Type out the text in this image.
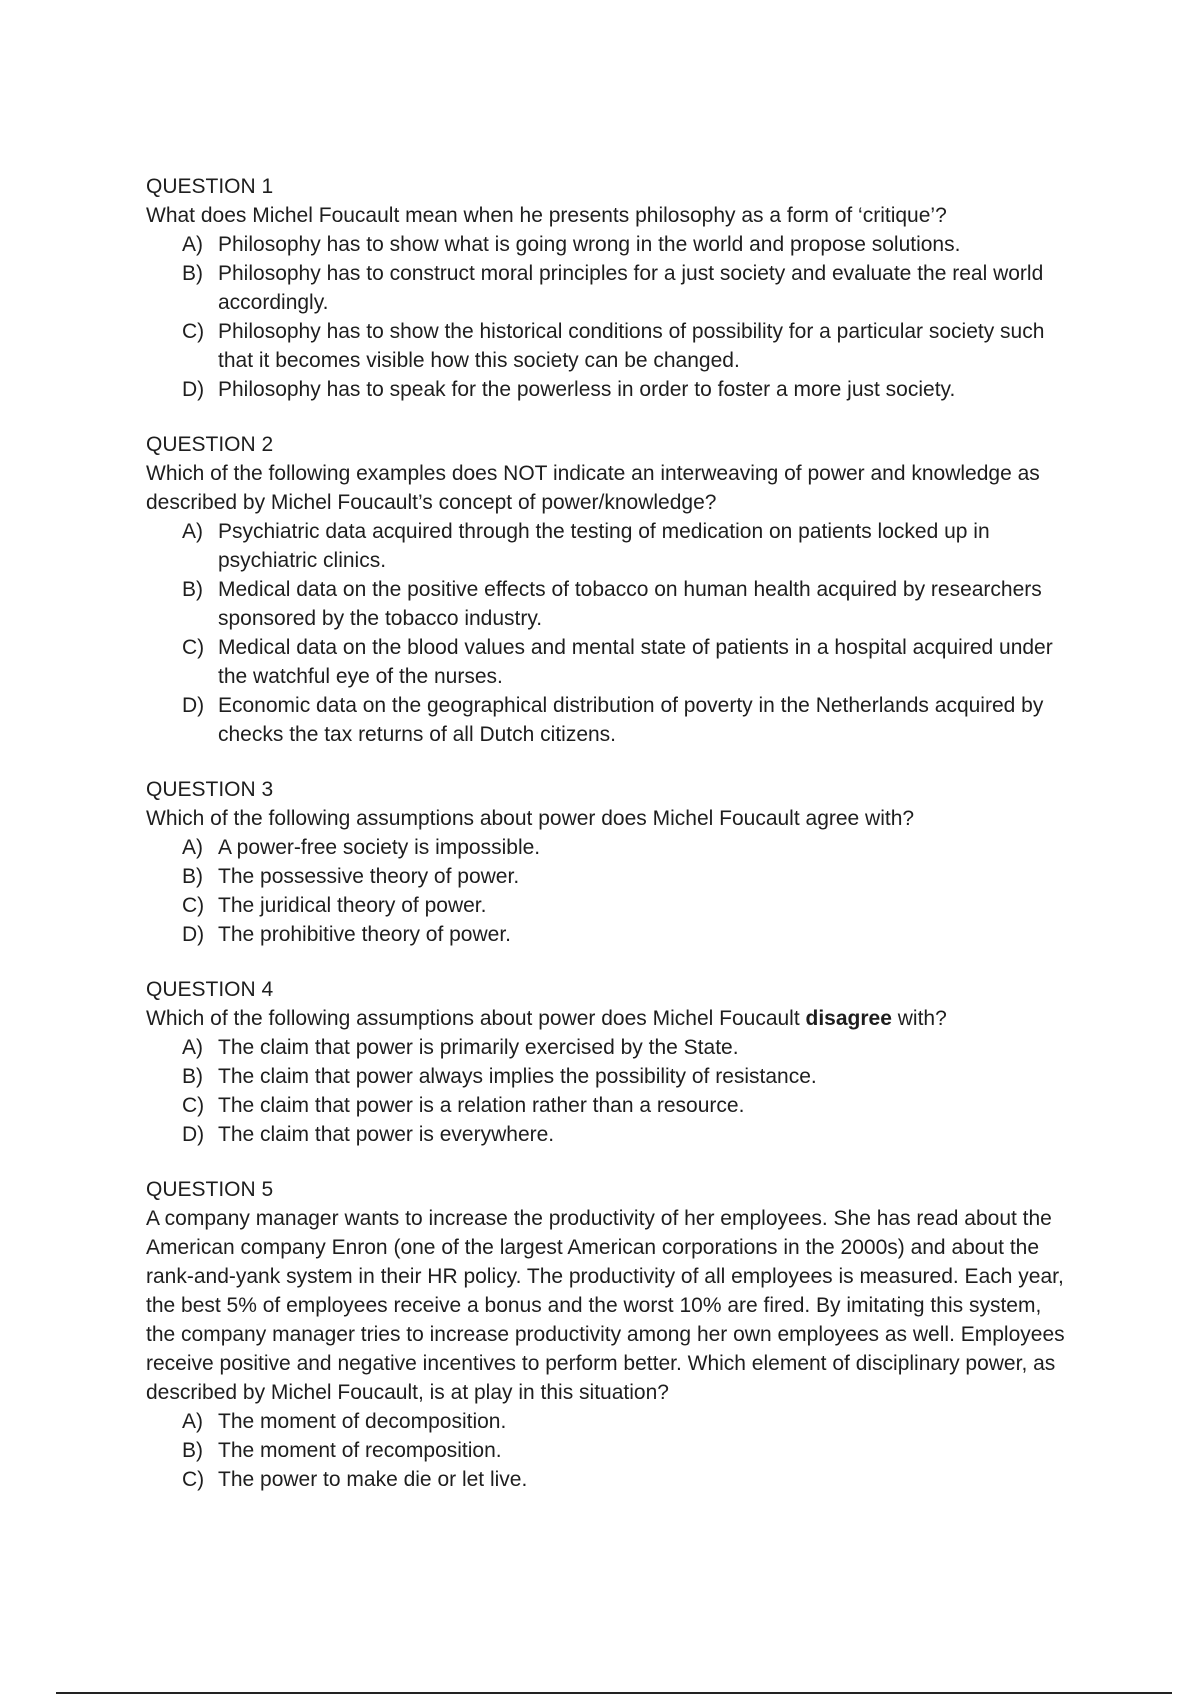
QUESTION 1
What does Michel Foucault mean when he presents philosophy as a form of ‘critique’?
A) Philosophy has to show what is going wrong in the world and propose solutions.
B) Philosophy has to construct moral principles for a just society and evaluate the real world accordingly.
C) Philosophy has to show the historical conditions of possibility for a particular society such that it becomes visible how this society can be changed.
D) Philosophy has to speak for the powerless in order to foster a more just society.
QUESTION 2
Which of the following examples does NOT indicate an interweaving of power and knowledge as described by Michel Foucault’s concept of power/knowledge?
A) Psychiatric data acquired through the testing of medication on patients locked up in psychiatric clinics.
B) Medical data on the positive effects of tobacco on human health acquired by researchers sponsored by the tobacco industry.
C) Medical data on the blood values and mental state of patients in a hospital acquired under the watchful eye of the nurses.
D) Economic data on the geographical distribution of poverty in the Netherlands acquired by checks the tax returns of all Dutch citizens.
QUESTION 3
Which of the following assumptions about power does Michel Foucault agree with?
A) A power-free society is impossible.
B) The possessive theory of power.
C) The juridical theory of power.
D) The prohibitive theory of power.
QUESTION 4
Which of the following assumptions about power does Michel Foucault disagree with?
A) The claim that power is primarily exercised by the State.
B) The claim that power always implies the possibility of resistance.
C) The claim that power is a relation rather than a resource.
D) The claim that power is everywhere.
QUESTION 5
A company manager wants to increase the productivity of her employees. She has read about the American company Enron (one of the largest American corporations in the 2000s) and about the rank-and-yank system in their HR policy. The productivity of all employees is measured. Each year, the best 5% of employees receive a bonus and the worst 10% are fired. By imitating this system, the company manager tries to increase productivity among her own employees as well. Employees receive positive and negative incentives to perform better. Which element of disciplinary power, as described by Michel Foucault, is at play in this situation?
A) The moment of decomposition.
B) The moment of recomposition.
C) The power to make die or let live.
